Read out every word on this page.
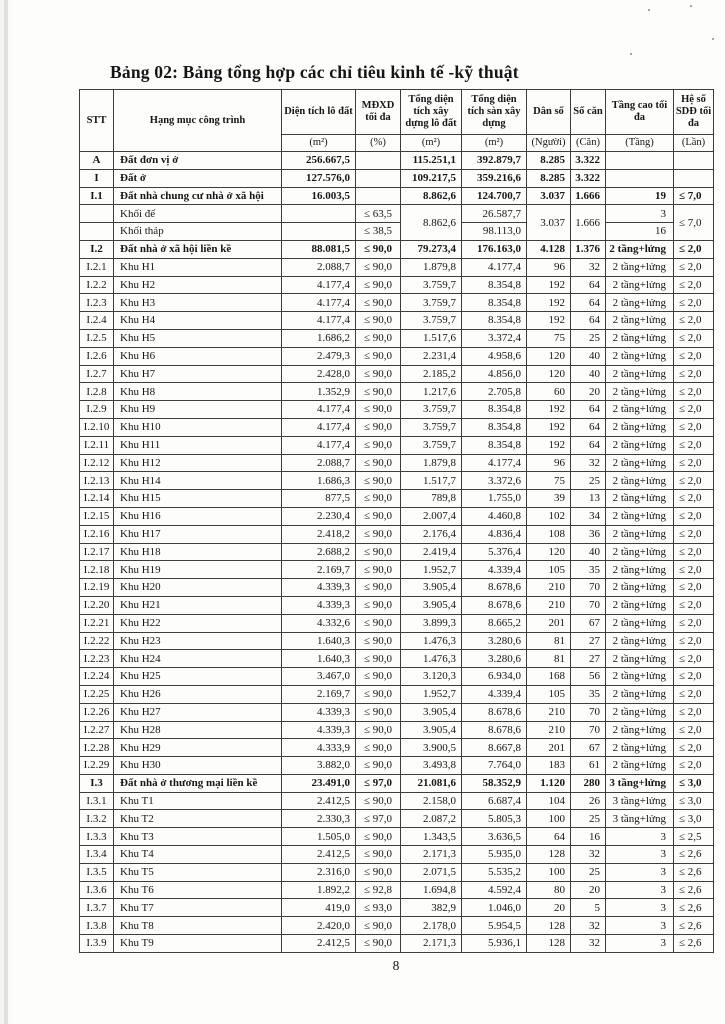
Bảng 02: Bảng tổng hợp các chỉ tiêu kinh tế -kỹ thuật
STT	Hạng mục công trình	Diện tích lô đất	MĐXD tối đa	Tổng diện tích xây dựng lô đất	Tổng diện tích sàn xây dựng	Dân số	Số căn	Tầng cao tối đa	Hệ số SDĐ tối đa
		(m²)	(%)	(m²)	(m²)	(Người)	(Căn)	(Tầng)	(Lần)
A	Đất đơn vị ở	256.667,5		115.251,1	392.879,7	8.285	3.322		
I	Đất ở	127.576,0		109.217,5	359.216,6	8.285	3.322		
I.1	Đất nhà chung cư nhà ở xã hội	16.003,5		8.862,6	124.700,7	3.037	1.666	19	≤ 7,0
	Khối đế		≤ 63,5	8.862,6	26.587,7	3.037	1.666	3	≤ 7,0
	Khối tháp		≤ 38,5		98.113,0			16	
I.2	Đất nhà ở xã hội liền kề	88.081,5	≤ 90,0	79.273,4	176.163,0	4.128	1.376	2 tầng+lửng	≤ 2,0
I.2.1	Khu H1	2.088,7	≤ 90,0	1.879,8	4.177,4	96	32	2 tầng+lửng	≤ 2,0
I.2.2	Khu H2	4.177,4	≤ 90,0	3.759,7	8.354,8	192	64	2 tầng+lửng	≤ 2,0
I.2.3	Khu H3	4.177,4	≤ 90,0	3.759,7	8.354,8	192	64	2 tầng+lửng	≤ 2,0
I.2.4	Khu H4	4.177,4	≤ 90,0	3.759,7	8.354,8	192	64	2 tầng+lửng	≤ 2,0
I.2.5	Khu H5	1.686,2	≤ 90,0	1.517,6	3.372,4	75	25	2 tầng+lửng	≤ 2,0
I.2.6	Khu H6	2.479,3	≤ 90,0	2.231,4	4.958,6	120	40	2 tầng+lửng	≤ 2,0
I.2.7	Khu H7	2.428,0	≤ 90,0	2.185,2	4.856,0	120	40	2 tầng+lửng	≤ 2,0
I.2.8	Khu H8	1.352,9	≤ 90,0	1.217,6	2.705,8	60	20	2 tầng+lửng	≤ 2,0
I.2.9	Khu H9	4.177,4	≤ 90,0	3.759,7	8.354,8	192	64	2 tầng+lửng	≤ 2,0
I.2.10	Khu H10	4.177,4	≤ 90,0	3.759,7	8.354,8	192	64	2 tầng+lửng	≤ 2,0
I.2.11	Khu H11	4.177,4	≤ 90,0	3.759,7	8.354,8	192	64	2 tầng+lửng	≤ 2,0
I.2.12	Khu H12	2.088,7	≤ 90,0	1.879,8	4.177,4	96	32	2 tầng+lửng	≤ 2,0
I.2.13	Khu H14	1.686,3	≤ 90,0	1.517,7	3.372,6	75	25	2 tầng+lửng	≤ 2,0
I.2.14	Khu H15	877,5	≤ 90,0	789,8	1.755,0	39	13	2 tầng+lửng	≤ 2,0
I.2.15	Khu H16	2.230,4	≤ 90,0	2.007,4	4.460,8	102	34	2 tầng+lửng	≤ 2,0
I.2.16	Khu H17	2.418,2	≤ 90,0	2.176,4	4.836,4	108	36	2 tầng+lửng	≤ 2,0
I.2.17	Khu H18	2.688,2	≤ 90,0	2.419,4	5.376,4	120	40	2 tầng+lửng	≤ 2,0
I.2.18	Khu H19	2.169,7	≤ 90,0	1.952,7	4.339,4	105	35	2 tầng+lửng	≤ 2,0
I.2.19	Khu H20	4.339,3	≤ 90,0	3.905,4	8.678,6	210	70	2 tầng+lửng	≤ 2,0
I.2.20	Khu H21	4.339,3	≤ 90,0	3.905,4	8.678,6	210	70	2 tầng+lửng	≤ 2,0
I.2.21	Khu H22	4.332,6	≤ 90,0	3.899,3	8.665,2	201	67	2 tầng+lửng	≤ 2,0
I.2.22	Khu H23	1.640,3	≤ 90,0	1.476,3	3.280,6	81	27	2 tầng+lửng	≤ 2,0
I.2.23	Khu H24	1.640,3	≤ 90,0	1.476,3	3.280,6	81	27	2 tầng+lửng	≤ 2,0
I.2.24	Khu H25	3.467,0	≤ 90,0	3.120,3	6.934,0	168	56	2 tầng+lửng	≤ 2,0
I.2.25	Khu H26	2.169,7	≤ 90,0	1.952,7	4.339,4	105	35	2 tầng+lửng	≤ 2,0
I.2.26	Khu H27	4.339,3	≤ 90,0	3.905,4	8.678,6	210	70	2 tầng+lửng	≤ 2,0
I.2.27	Khu H28	4.339,3	≤ 90,0	3.905,4	8.678,6	210	70	2 tầng+lửng	≤ 2,0
I.2.28	Khu H29	4.333,9	≤ 90,0	3.900,5	8.667,8	201	67	2 tầng+lửng	≤ 2,0
I.2.29	Khu H30	3.882,0	≤ 90,0	3.493,8	7.764,0	183	61	2 tầng+lửng	≤ 2,0
I.3	Đất nhà ở thương mại liền kề	23.491,0	≤ 97,0	21.081,6	58.352,9	1.120	280	3 tầng+lửng	≤ 3,0
I.3.1	Khu T1	2.412,5	≤ 90,0	2.158,0	6.687,4	104	26	3 tầng+lửng	≤ 3,0
I.3.2	Khu T2	2.330,3	≤ 97,0	2.087,2	5.805,3	100	25	3 tầng+lửng	≤ 3,0
I.3.3	Khu T3	1.505,0	≤ 90,0	1.343,5	3.636,5	64	16	3	≤ 2,5
I.3.4	Khu T4	2.412,5	≤ 90,0	2.171,3	5.935,0	128	32	3	≤ 2,6
I.3.5	Khu T5	2.316,0	≤ 90,0	2.071,5	5.535,2	100	25	3	≤ 2,6
I.3.6	Khu T6	1.892,2	≤ 92,8	1.694,8	4.592,4	80	20	3	≤ 2,6
I.3.7	Khu T7	419,0	≤ 93,0	382,9	1.046,0	20	5	3	≤ 2,6
I.3.8	Khu T8	2.420,0	≤ 90,0	2.178,0	5.954,5	128	32	3	≤ 2,6
I.3.9	Khu T9	2.412,5	≤ 90,0	2.171,3	5.936,1	128	32	3	≤ 2,6
8
